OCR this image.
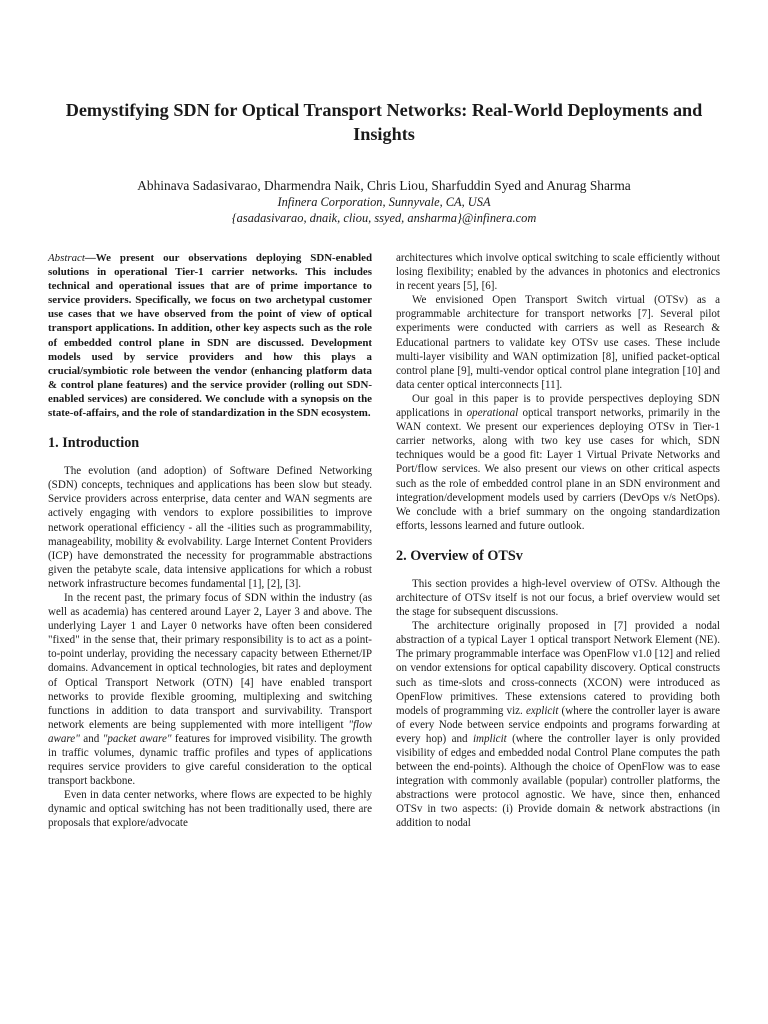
Demystifying SDN for Optical Transport Networks: Real-World Deployments and Insights
Abhinava Sadasivarao, Dharmendra Naik, Chris Liou, Sharfuddin Syed and Anurag Sharma
Infinera Corporation, Sunnyvale, CA, USA
{asadasivarao, dnaik, cliou, ssyed, ansharma}@infinera.com

Abstract—We present our observations deploying SDN-enabled solutions in operational Tier-1 carrier networks. This includes technical and operational issues that are of prime importance to service providers. Specifically, we focus on two archetypal customer use cases that we have observed from the point of view of optical transport applications. In addition, other key aspects such as the role of embedded control plane in SDN are discussed. Development models used by service providers and how this plays a crucial/symbiotic role between the vendor (enhancing platform data & control plane features) and the service provider (rolling out SDN-enabled services) are considered. We conclude with a synopsis on the state-of-affairs, and the role of standardization in the SDN ecosystem.

1. Introduction

The evolution (and adoption) of Software Defined Networking (SDN) concepts, techniques and applications has been slow but steady. Service providers across enterprise, data center and WAN segments are actively engaging with vendors to explore possibilities to improve network operational efficiency - all the -ilities such as programmability, manageability, mobility & evolvability. Large Internet Content Providers (ICP) have demonstrated the necessity for programmable abstractions given the petabyte scale, data intensive applications for which a robust network infrastructure becomes fundamental [1], [2], [3].

In the recent past, the primary focus of SDN within the industry (as well as academia) has centered around Layer 2, Layer 3 and above. The underlying Layer 1 and Layer 0 networks have often been considered "fixed" in the sense that, their primary responsibility is to act as a point-to-point underlay, providing the necessary capacity between Ethernet/IP domains. Advancement in optical technologies, bit rates and deployment of Optical Transport Network (OTN) [4] have enabled transport networks to provide flexible grooming, multiplexing and switching functions in addition to data transport and survivability. Transport network elements are being supplemented with more intelligent "flow aware" and "packet aware" features for improved visibility. The growth in traffic volumes, dynamic traffic profiles and types of applications requires service providers to give careful consideration to the optical transport backbone.

Even in data center networks, where flows are expected to be highly dynamic and optical switching has not been traditionally used, there are proposals that explore/advocate

architectures which involve optical switching to scale efficiently without losing flexibility; enabled by the advances in photonics and electronics in recent years [5], [6].

We envisioned Open Transport Switch virtual (OTSv) as a programmable architecture for transport networks [7]. Several pilot experiments were conducted with carriers as well as Research & Educational partners to validate key OTSv use cases. These include multi-layer visibility and WAN optimization [8], unified packet-optical control plane [9], multi-vendor optical control plane integration [10] and data center optical interconnects [11].

Our goal in this paper is to provide perspectives deploying SDN applications in operational optical transport networks, primarily in the WAN context. We present our experiences deploying OTSv in Tier-1 carrier networks, along with two key use cases for which, SDN techniques would be a good fit: Layer 1 Virtual Private Networks and Port/flow services. We also present our views on other critical aspects such as the role of embedded control plane in an SDN environment and integration/development models used by carriers (DevOps v/s NetOps). We conclude with a brief summary on the ongoing standardization efforts, lessons learned and future outlook.

2. Overview of OTSv

This section provides a high-level overview of OTSv. Although the architecture of OTSv itself is not our focus, a brief overview would set the stage for subsequent discussions.

The architecture originally proposed in [7] provided a nodal abstraction of a typical Layer 1 optical transport Network Element (NE). The primary programmable interface was OpenFlow v1.0 [12] and relied on vendor extensions for optical capability discovery. Optical constructs such as time-slots and cross-connects (XCON) were introduced as OpenFlow primitives. These extensions catered to providing both models of programming viz. explicit (where the controller layer is aware of every Node between service endpoints and programs forwarding at every hop) and implicit (where the controller layer is only provided visibility of edges and embedded nodal Control Plane computes the path between the end-points). Although the choice of OpenFlow was to ease integration with commonly available (popular) controller platforms, the abstractions were protocol agnostic. We have, since then, enhanced OTSv in two aspects: (i) Provide domain & network abstractions (in addition to nodal
